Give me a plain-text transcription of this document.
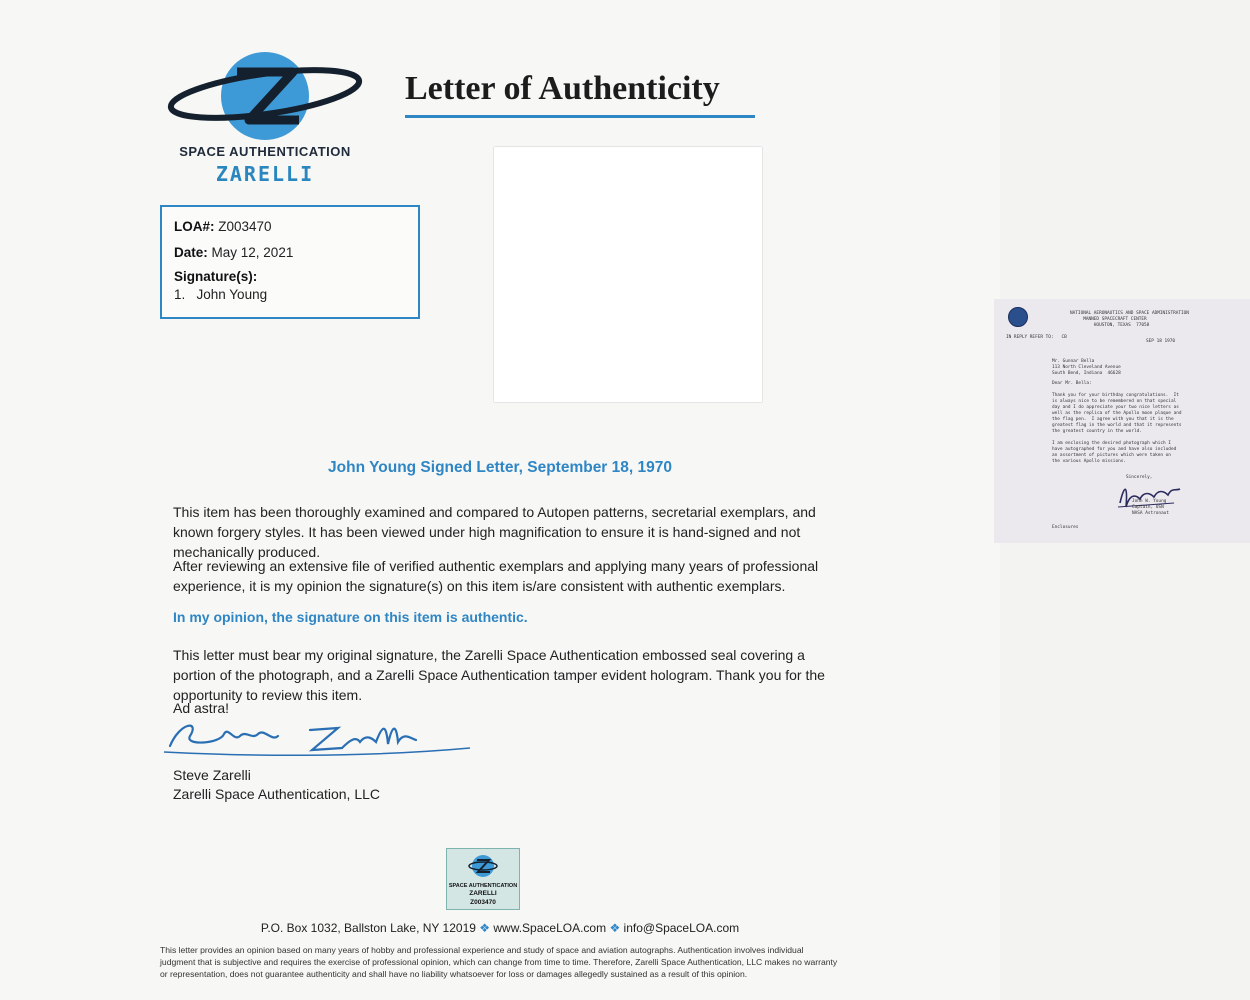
SPACE AUTHENTICATION
ZARELLI
Letter of Authenticity
LOA#: Z003470
Date: May 12, 2021
Signature(s):
1.   John Young
NATIONAL AERONAUTICS AND SPACE ADMINISTRATION
MANNED SPACECRAFT CENTER
HOUSTON, TEXAS  77058
IN REPLY REFER TO:   CB
SEP 18 1970
Mr. Gunnar Bella
113 North Cleveland Avenue
South Bend, Indiana  46628
Dear Mr. Bella:
Thank you for your birthday congratulations.  It
is always nice to be remembered on that special
day and I do appreciate your two nice letters as
well as the replica of the Apollo moon plaque and
the flag pen.  I agree with you that it is the
greatest flag in the world and that it represents
the greatest country in the world.
I am enclosing the desired photograph which I
have autographed for you and have also included
an assortment of pictures which were taken on
the various Apollo missions.
Sincerely,
John W. Young
Captain, USN
NASA Astronaut
Enclosures
John Young Signed Letter, September 18, 1970
This item has been thoroughly examined and compared to Autopen patterns, secretarial exemplars, and known forgery styles. It has been viewed under high magnification to ensure it is hand-signed and not mechanically produced.
After reviewing an extensive file of verified authentic exemplars and applying many years of professional experience, it is my opinion the signature(s) on this item is/are consistent with authentic exemplars.
In my opinion, the signature on this item is authentic.
This letter must bear my original signature, the Zarelli Space Authentication embossed seal covering a portion of the photograph, and a Zarelli Space Authentication tamper evident hologram. Thank you for the opportunity to review this item.
Ad astra!
Steve Zarelli
Zarelli Space Authentication, LLC
SPACE AUTHENTICATION
ZARELLI
Z003470
P.O. Box 1032, Ballston Lake, NY 12019 ❖ www.SpaceLOA.com ❖ info@SpaceLOA.com
This letter provides an opinion based on many years of hobby and professional experience and study of space and aviation autographs. Authentication involves individual judgment that is subjective and requires the exercise of professional opinion, which can change from time to time. Therefore, Zarelli Space Authentication, LLC makes no warranty or representation, does not guarantee authenticity and shall have no liability whatsoever for loss or damages allegedly sustained as a result of this opinion.
